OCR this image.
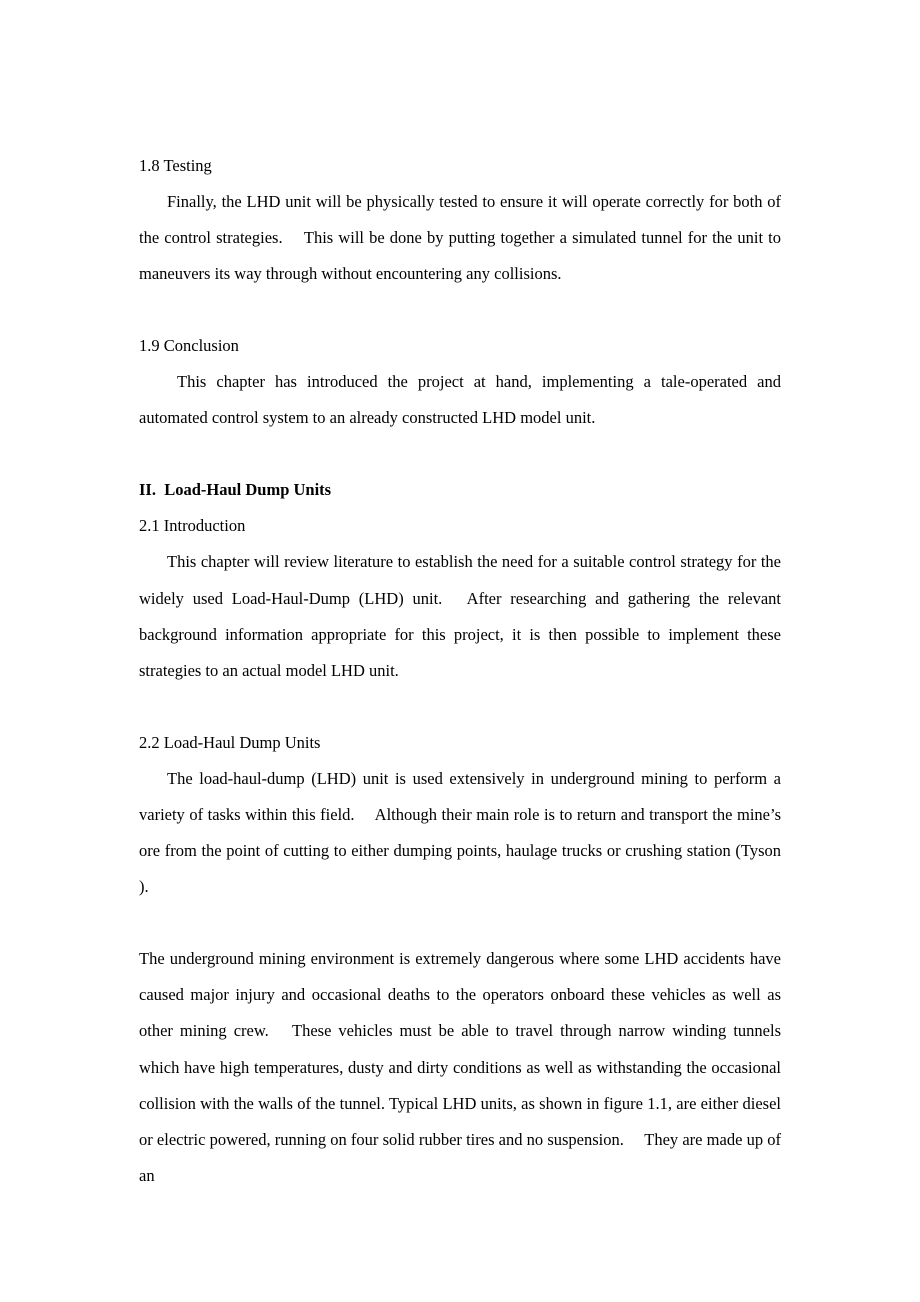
1.8 Testing

Finally, the LHD unit will be physically tested to ensure it will operate correctly for both of the control strategies.  This will be done by putting together a simulated tunnel for the unit to maneuvers its way through without encountering any collisions.

1.9 Conclusion

This chapter has introduced the project at hand, implementing a tale-operated and automated control system to an already constructed LHD model unit.

II. Load-Haul Dump Units

2.1 Introduction

This chapter will review literature to establish the need for a suitable control strategy for the widely used Load-Haul-Dump (LHD) unit.  After researching and gathering the relevant background information appropriate for this project, it is then possible to implement these strategies to an actual model LHD unit.

2.2 Load-Haul Dump Units

The load-haul-dump (LHD) unit is used extensively in underground mining to perform a variety of tasks within this field.  Although their main role is to return and transport the mine’s ore from the point of cutting to either dumping points, haulage trucks or crushing station (Tyson ).

The underground mining environment is extremely dangerous where some LHD accidents have caused major injury and occasional deaths to the operators onboard these vehicles as well as other mining crew.  These vehicles must be able to travel through narrow winding tunnels which have high temperatures, dusty and dirty conditions as well as withstanding the occasional collision with the walls of the tunnel. Typical LHD units, as shown in figure 1.1, are either diesel or electric powered, running on four solid rubber tires and no suspension.  They are made up of an
